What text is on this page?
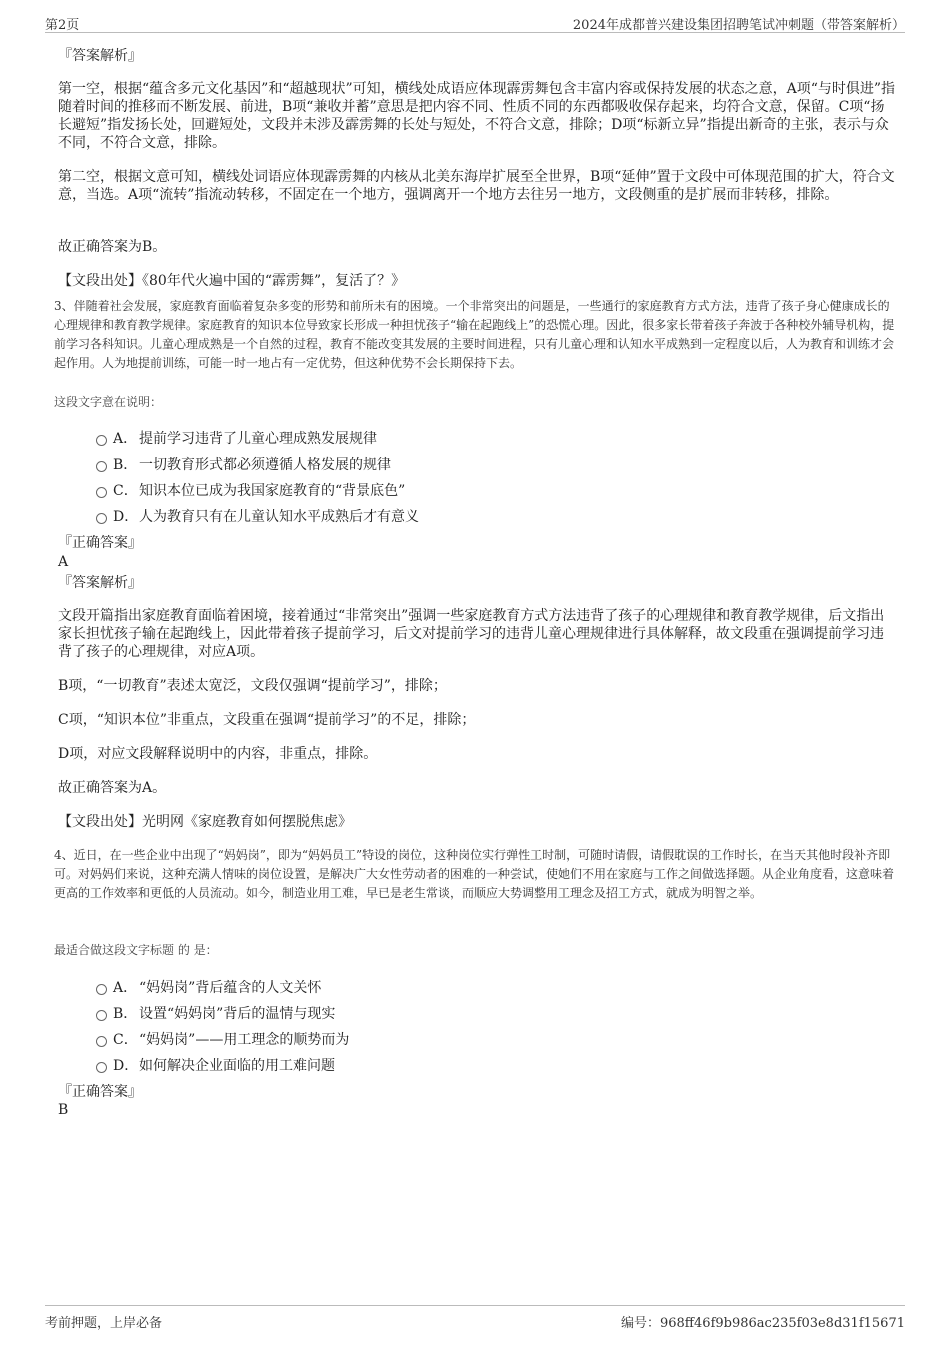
第2页	2024年成都普兴建设集团招聘笔试冲刺题（带答案解析）

『答案解析』

第一空，根据“蕴含多元文化基因”和“超越现状”可知，横线处成语应体现霹雳舞包含丰富内容或保持发展的状态之意，A项“与时俱进”指随着时间的推移而不断发展、前进，B项“兼收并蓄”意思是把内容不同、性质不同的东西都吸收保存起来，均符合文意，保留。C项“扬长避短”指发扬长处，回避短处，文段并未涉及霹雳舞的长处与短处，不符合文意，排除；D项“标新立异”指提出新奇的主张，表示与众不同，不符合文意，排除。

第二空，根据文意可知，横线处词语应体现霹雳舞的内核从北美东海岸扩展至全世界，B项“延伸”置于文段中可体现范围的扩大，符合文意，当选。A项“流转”指流动转移，不固定在一个地方，强调离开一个地方去往另一地方，文段侧重的是扩展而非转移，排除。

故正确答案为B。

【文段出处】《80年代火遍中国的“霹雳舞”，复活了？》

3、伴随着社会发展，家庭教育面临着复杂多变的形势和前所未有的困境。一个非常突出的问题是，一些通行的家庭教育方式方法，违背了孩子身心健康成长的心理规律和教育教学规律。家庭教育的知识本位导致家长形成一种担忧孩子“输在起跑线上”的恐慌心理。因此，很多家长带着孩子奔波于各种校外辅导机构，提前学习各科知识。儿童心理成熟是一个自然的过程，教育不能改变其发展的主要时间进程，只有儿童心理和认知水平成熟到一定程度以后，人为教育和训练才会起作用。人为地提前训练，可能一时一地占有一定优势，但这种优势不会长期保持下去。

这段文字意在说明：

A． 提前学习违背了儿童心理成熟发展规律
B． 一切教育形式都必须遵循人格发展的规律
C．知识本位已成为我国家庭教育的“背景底色”
D．人为教育只有在儿童认知水平成熟后才有意义

『正确答案』

A

『答案解析』

文段开篇指出家庭教育面临着困境，接着通过“非常突出”强调一些家庭教育方式方法违背了孩子的心理规律和教育教学规律，后文指出家长担忧孩子输在起跑线上，因此带着孩子提前学习，后文对提前学习的违背儿童心理规律进行具体解释，故文段重在强调提前学习违背了孩子的心理规律，对应A项。

B项，“一切教育”表述太宽泛，文段仅强调“提前学习”，排除；

C项，“知识本位”非重点，文段重在强调“提前学习”的不足，排除；

D项，对应文段解释说明中的内容，非重点，排除。

故正确答案为A。

【文段出处】光明网《家庭教育如何摆脱焦虑》

4、近日，在一些企业中出现了“妈妈岗”，即为“妈妈员工”特设的岗位，这种岗位实行弹性工时制，可随时请假，请假耽误的工作时长，在当天其他时段补齐即可。对妈妈们来说，这种充满人情味的岗位设置，是解决广大女性劳动者的困难的一种尝试，使她们不用在家庭与工作之间做选择题。从企业角度看，这意味着更高的工作效率和更低的人员流动。如今，制造业用工难，早已是老生常谈，而顺应大势调整用工理念及招工方式，就成为明智之举。

最适合做这段文字标题 的 是：

A． “妈妈岗”背后蕴含的人文关怀
B． 设置“妈妈岗”背后的温情与现实
C．“妈妈岗”——用工理念的顺势而为
D．如何解决企业面临的用工难问题

『正确答案』

B

考前押题，上岸必备	编号：968ff46f9b986ac235f03e8d31f15671
